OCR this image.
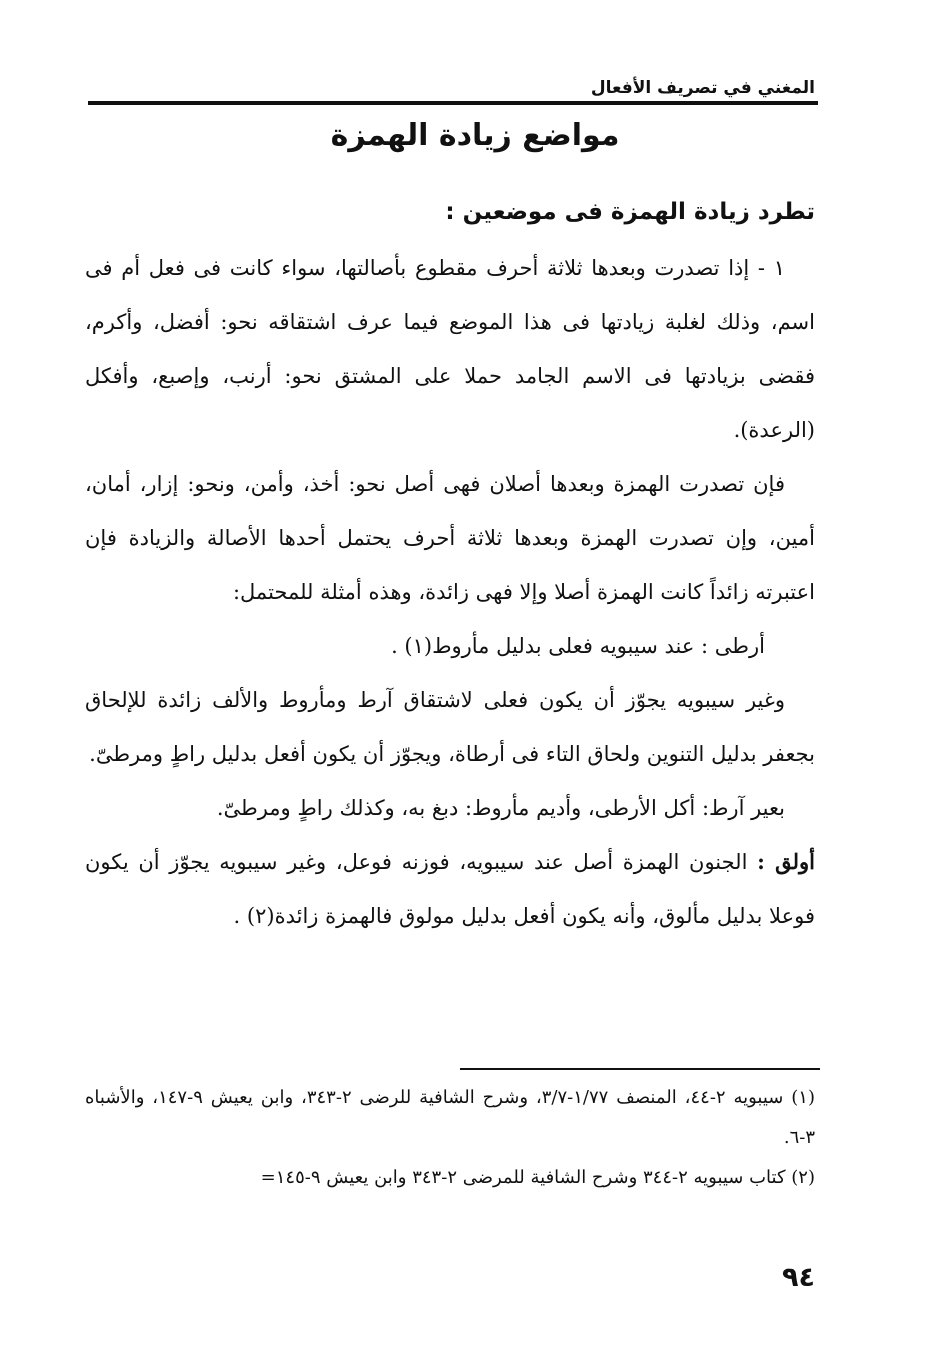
المغني في تصريف الأفعال
مواضع زيادة الهمزة
تطرد زيادة الهمزة فى موضعين :

١ - إذا تصدرت وبعدها ثلاثة أحرف مقطوع بأصالتها، سواء كانت فى فعل أم فى اسم، وذلك لغلبة زيادتها فى هذا الموضع فيما عرف اشتقاقه نحو: أفضل، وأكرم، فقضى بزيادتها فى الاسم الجامد حملا على المشتق نحو: أرنب، وإصبع، وأفكل (الرعدة).

فإن تصدرت الهمزة وبعدها أصلان فهى أصل نحو: أخذ، وأمن، ونحو: إزار، أمان، أمين، وإن تصدرت الهمزة وبعدها ثلاثة أحرف يحتمل أحدها الأصالة والزيادة فإن اعتبرته زائداً كانت الهمزة أصلا وإلا فهى زائدة، وهذه أمثلة للمحتمل:

أرطى : عند سيبويه فعلى بدليل مأروط(١) .

وغير سيبويه يجوّز أن يكون فعلى لاشتقاق آرط ومأروط والألف زائدة للإلحاق بجعفر بدليل التنوين ولحاق التاء فى أرطاة، ويجوّز أن يكون أفعل بدليل راطٍ ومرطىّ.

بعير آرط: أكل الأرطى، وأديم مأروط: دبغ به، وكذلك راطٍ ومرطىّ.

أولق : الجنون الهمزة أصل عند سيبويه، فوزنه فوعل، وغير سيبويه يجوّز أن يكون فوعلا بدليل مألوق، وأنه يكون أفعل بدليل مولوق فالهمزة زائدة(٢) .

(١) سيبويه ٢-٤٤، المنصف ١/٧٧-٣/٧، وشرح الشافية للرضى ٢-٣٤٣، وابن يعيش ٩-١٤٧، والأشباه ٣-٦.

(٢) كتاب سيبويه ٢-٣٤٤ وشرح الشافية للمرضى ٢-٣٤٣ وابن يعيش ٩-١٤٥=

٩٤
